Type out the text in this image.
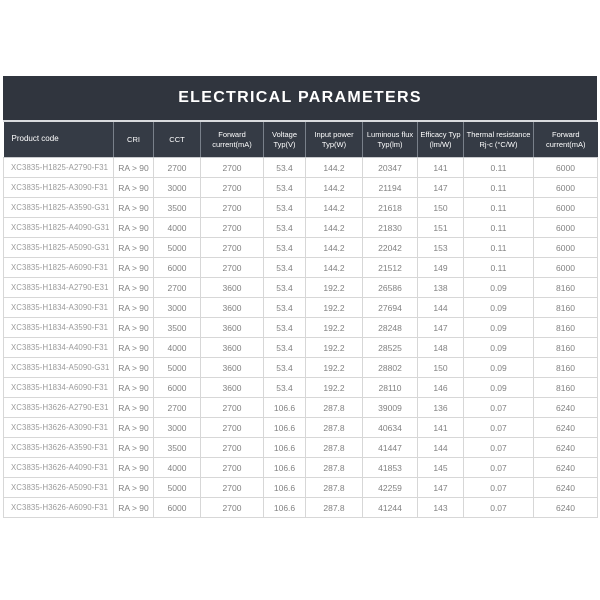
ELECTRICAL PARAMETERS
Product code	CRI	CCT	Forward current(mA)	Voltage Typ(V)	Input power Typ(W)	Luminous flux Typ(lm)	Efficacy Typ (lm/W)	Thermal resistance Rj-c (°C/W)	Forward current(mA)
XC3835-H1825-A2790-F31	RA > 90	2700	2700	53.4	144.2	20347	141	0.11	6000
XC3835-H1825-A3090-F31	RA > 90	3000	2700	53.4	144.2	21194	147	0.11	6000
XC3835-H1825-A3590-G31	RA > 90	3500	2700	53.4	144.2	21618	150	0.11	6000
XC3835-H1825-A4090-G31	RA > 90	4000	2700	53.4	144.2	21830	151	0.11	6000
XC3835-H1825-A5090-G31	RA > 90	5000	2700	53.4	144.2	22042	153	0.11	6000
XC3835-H1825-A6090-F31	RA > 90	6000	2700	53.4	144.2	21512	149	0.11	6000
XC3835-H1834-A2790-E31	RA > 90	2700	3600	53.4	192.2	26586	138	0.09	8160
XC3835-H1834-A3090-F31	RA > 90	3000	3600	53.4	192.2	27694	144	0.09	8160
XC3835-H1834-A3590-F31	RA > 90	3500	3600	53.4	192.2	28248	147	0.09	8160
XC3835-H1834-A4090-F31	RA > 90	4000	3600	53.4	192.2	28525	148	0.09	8160
XC3835-H1834-A5090-G31	RA > 90	5000	3600	53.4	192.2	28802	150	0.09	8160
XC3835-H1834-A6090-F31	RA > 90	6000	3600	53.4	192.2	28110	146	0.09	8160
XC3835-H3626-A2790-E31	RA > 90	2700	2700	106.6	287.8	39009	136	0.07	6240
XC3835-H3626-A3090-F31	RA > 90	3000	2700	106.6	287.8	40634	141	0.07	6240
XC3835-H3626-A3590-F31	RA > 90	3500	2700	106.6	287.8	41447	144	0.07	6240
XC3835-H3626-A4090-F31	RA > 90	4000	2700	106.6	287.8	41853	145	0.07	6240
XC3835-H3626-A5090-F31	RA > 90	5000	2700	106.6	287.8	42259	147	0.07	6240
XC3835-H3626-A6090-F31	RA > 90	6000	2700	106.6	287.8	41244	143	0.07	6240
